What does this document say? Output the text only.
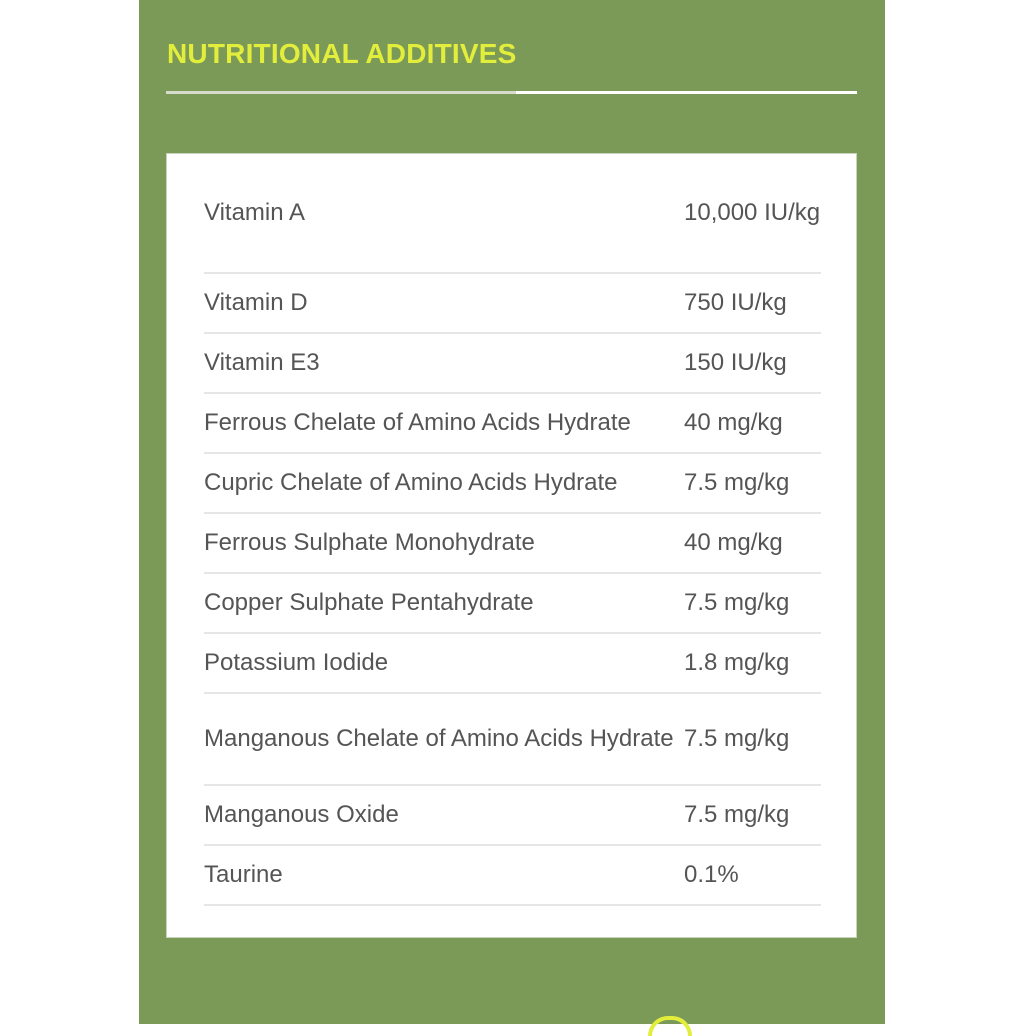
NUTRITIONAL ADDITIVES
Vitamin A	10,000 IU/kg
Vitamin D	750 IU/kg
Vitamin E3	150 IU/kg
Ferrous Chelate of Amino Acids Hydrate	40 mg/kg
Cupric Chelate of Amino Acids Hydrate	7.5 mg/kg
Ferrous Sulphate Monohydrate	40 mg/kg
Copper Sulphate Pentahydrate	7.5 mg/kg
Potassium Iodide	1.8 mg/kg
Manganous Chelate of Amino Acids Hydrate 7.5 mg/kg
Manganous Oxide	7.5 mg/kg
Taurine	0.1%
